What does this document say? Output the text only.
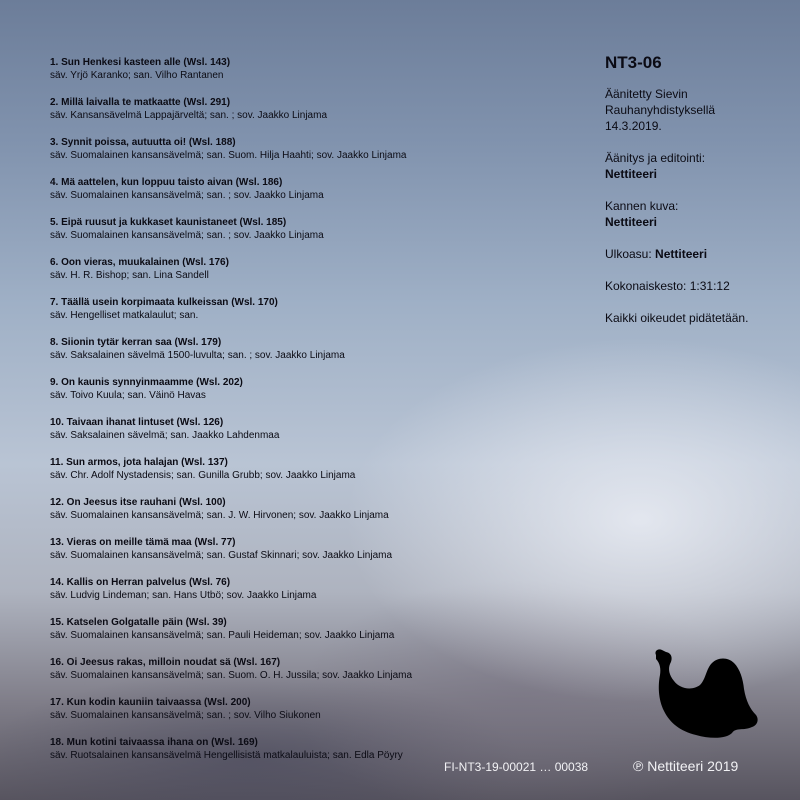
1. Sun Henkesi kasteen alle (Wsl. 143)
säv. Yrjö Karanko; san. Vilho Rantanen
2. Millä laivalla te matkaatte (Wsl. 291)
säv. Kansansävelmä Lappajärveltä; san. ; sov. Jaakko Linjama
3. Synnit poissa, autuutta oi! (Wsl. 188)
säv. Suomalainen kansansävelmä; san. Suom. Hilja Haahti; sov. Jaakko Linjama
4. Mä aattelen, kun loppuu taisto aivan (Wsl. 186)
säv. Suomalainen kansansävelmä; san. ; sov. Jaakko Linjama
5. Eipä ruusut ja kukkaset kaunistaneet (Wsl. 185)
säv. Suomalainen kansansävelmä; san. ; sov. Jaakko Linjama
6. Oon vieras, muukalainen (Wsl. 176)
säv. H. R. Bishop; san. Lina Sandell
7. Täällä usein korpimaata kulkeissan (Wsl. 170)
säv. Hengelliset matkalaulut; san.
8. Siionin tytär kerran saa (Wsl. 179)
säv. Saksalainen sävelmä 1500-luvulta; san. ; sov. Jaakko Linjama
9. On kaunis synnyinmaamme (Wsl. 202)
säv. Toivo Kuula; san. Väinö Havas
10. Taivaan ihanat lintuset (Wsl. 126)
säv. Saksalainen sävelmä; san. Jaakko Lahdenmaa
11. Sun armos, jota halajan (Wsl. 137)
säv. Chr. Adolf Nystadensis; san. Gunilla Grubb; sov. Jaakko Linjama
12. On Jeesus itse rauhani (Wsl. 100)
säv. Suomalainen kansansävelmä; san. J. W. Hirvonen; sov. Jaakko Linjama
13. Vieras on meille tämä maa (Wsl. 77)
säv. Suomalainen kansansävelmä; san. Gustaf Skinnari; sov. Jaakko Linjama
14. Kallis on Herran palvelus (Wsl. 76)
säv. Ludvig Lindeman; san. Hans Utbö; sov. Jaakko Linjama
15. Katselen Golgatalle päin (Wsl. 39)
säv. Suomalainen kansansävelmä; san. Pauli Heideman; sov. Jaakko Linjama
16. Oi Jeesus rakas, milloin noudat sä (Wsl. 167)
säv. Suomalainen kansansävelmä; san. Suom. O. H. Jussila; sov. Jaakko Linjama
17. Kun kodin kauniin taivaassa (Wsl. 200)
säv. Suomalainen kansansävelmä; san. ; sov. Vilho Siukonen
18. Mun kotini taivaassa ihana on (Wsl. 169)
säv. Ruotsalainen kansansävelmä Hengellisistä matkalauluista; san. Edla Pöyry
NT3-06
Äänitetty Sievin
Rauhanyhdistyksellä
14.3.2019.
Äänitys ja editointi:
Nettiteeri
Kannen kuva:
Nettiteeri
Ulkoasu: Nettiteeri
Kokonaiskesto: 1:31:12
Kaikki oikeudet pidätetään.
FI-NT3-19-00021 … 00038	℗ Nettiteeri 2019
